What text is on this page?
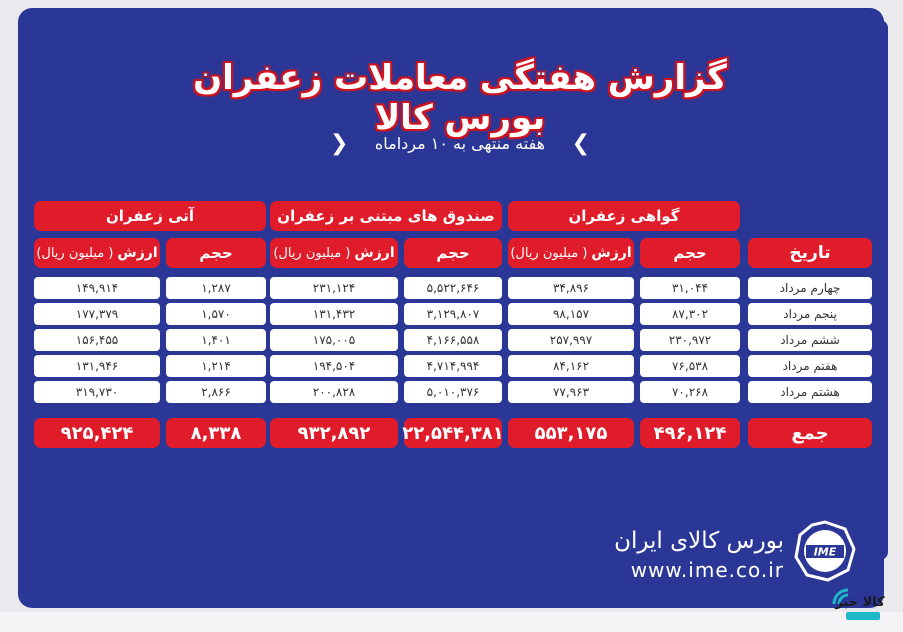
گزارش هفتگی معاملات زعفران بورس کالا
❯
هفته منتهی به ۱۰ مرداماه
❮
گواهی زعفران
صندوق های مبتنی بر زعفران
آتی زعفران
تاریخ
حجم
ارزش
( میلیون ریال)
حجم
ارزش
( میلیون ریال)
حجم
ارزش
( میلیون ریال)
چهارم مرداد
۳۱,۰۴۴
۳۴,۸۹۶
۵,۵۲۲,۶۴۶
۲۳۱,۱۲۴
۱,۲۸۷
۱۴۹,۹۱۴
پنجم مرداد
۸۷,۳۰۲
۹۸,۱۵۷
۳,۱۲۹,۸۰۷
۱۳۱,۴۳۲
۱,۵۷۰
۱۷۷,۳۷۹
ششم مرداد
۲۳۰,۹۷۲
۲۵۷,۹۹۷
۴,۱۶۶,۵۵۸
۱۷۵,۰۰۵
۱,۴۰۱
۱۵۶,۴۵۵
هفتم مرداد
۷۶,۵۳۸
۸۴,۱۶۲
۴,۷۱۴,۹۹۴
۱۹۴,۵۰۴
۱,۲۱۴
۱۳۱,۹۴۶
هشتم مرداد
۷۰,۲۶۸
۷۷,۹۶۳
۵,۰۱۰,۳۷۶
۲۰۰,۸۲۸
۲,۸۶۶
۳۱۹,۷۳۰
جمع
۴۹۶,۱۲۴
۵۵۳,۱۷۵
۲۲,۵۴۴,۳۸۱
۹۳۲,۸۹۲
۸,۳۳۸
۹۲۵,۴۲۴
بورس کالای ایران
www.ime.co.ir
IME
کالا خبر
